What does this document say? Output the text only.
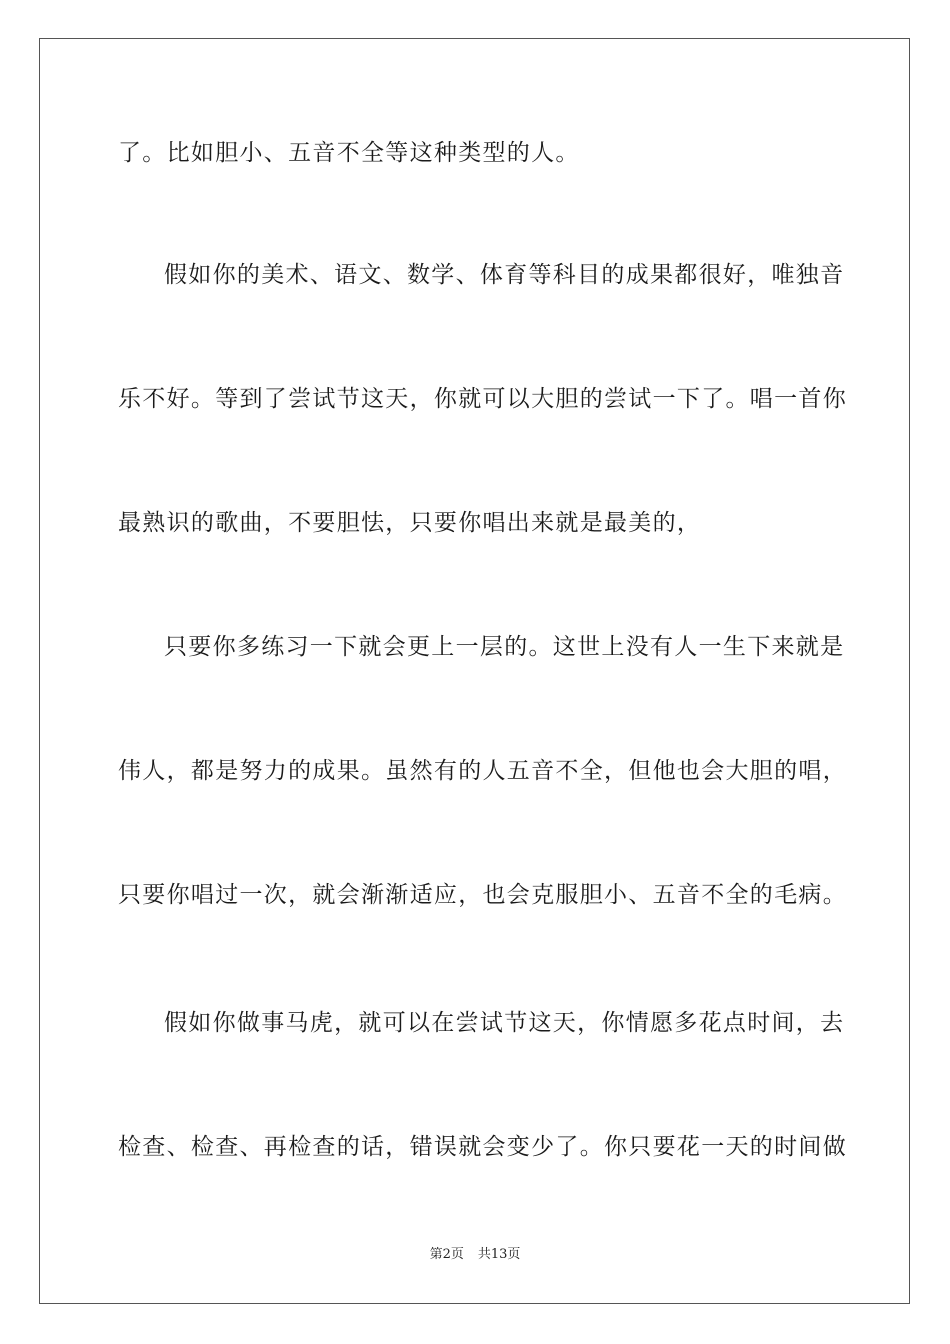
了。比如胆小、五音不全等这种类型的人。
假如你的美术、语文、数学、体育等科目的成果都很好，唯独音
乐不好。等到了尝试节这天，你就可以大胆的尝试一下了。唱一首你
最熟识的歌曲，不要胆怯，只要你唱出来就是最美的，
只要你多练习一下就会更上一层的。这世上没有人一生下来就是
伟人，都是努力的成果。虽然有的人五音不全，但他也会大胆的唱，
只要你唱过一次，就会渐渐适应，也会克服胆小、五音不全的毛病。
假如你做事马虎，就可以在尝试节这天，你情愿多花点时间，去
检查、检查、再检查的话，错误就会变少了。你只要花一天的时间做
第2页 共13页
